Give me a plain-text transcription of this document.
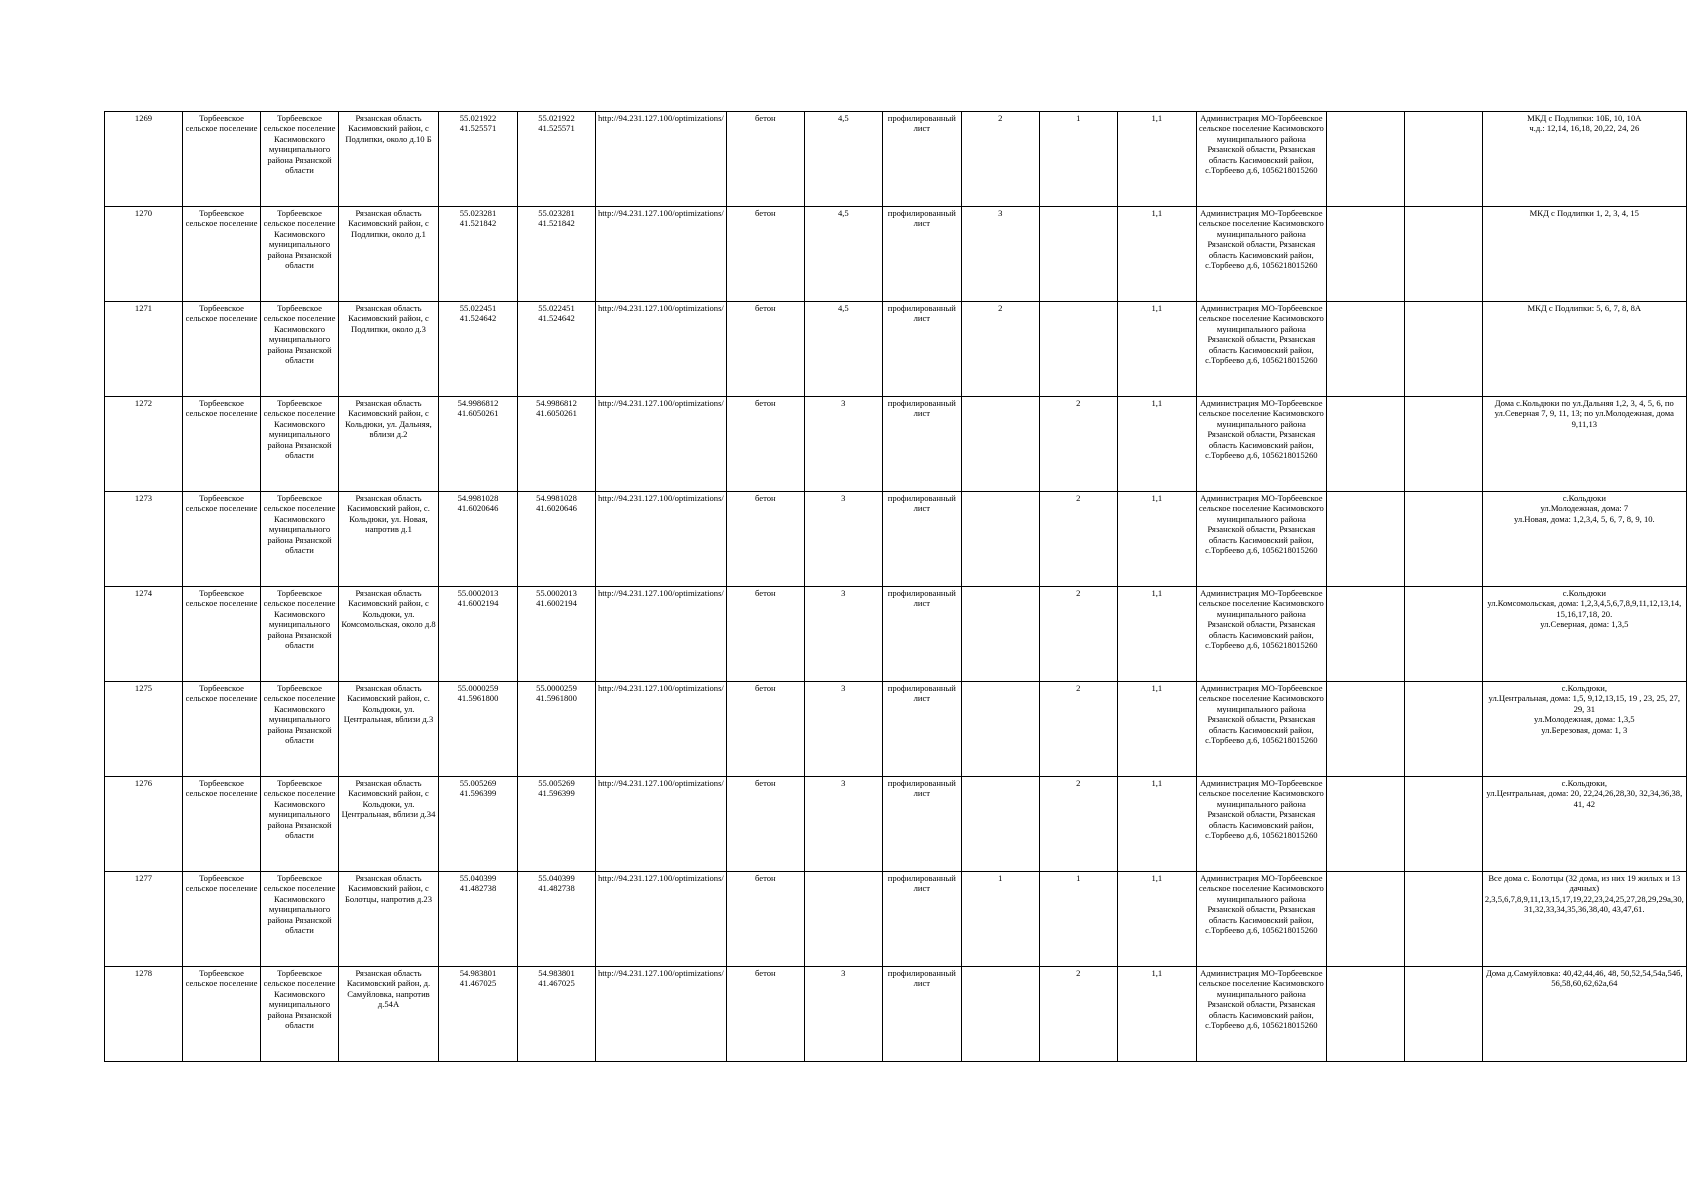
1269	Торбеевское сельское поселение	Торбеевское сельское поселение Касимовского муниципального района Рязанской области	Рязанская область Касимовский район, с Подлипки, около д.10 Б	55.021922
41.525571	55.021922
41.525571	http://94.231.127.100/optimizations/	бетон	4,5	профилированный лист	2	1	1,1	Администрация МО-Торбеевское сельское поселение Касимовского муниципального района Рязанской области, Рязанская область Касимовский район, с.Торбеево д.6, 1056218015260			МКД с Подлипки: 10Б, 10, 10А
ч.д.: 12,14, 16,18, 20,22, 24, 26
1270	Торбеевское сельское поселение	Торбеевское сельское поселение Касимовского муниципального района Рязанской области	Рязанская область Касимовский район, с Подлипки, около д.1	55.023281
41.521842	55.023281
41.521842	http://94.231.127.100/optimizations/	бетон	4,5	профилированный лист	3		1,1	Администрация МО-Торбеевское сельское поселение Касимовского муниципального района Рязанской области, Рязанская область Касимовский район, с.Торбеево д.6, 1056218015260			МКД с Подлипки 1, 2, 3, 4, 15
1271	Торбеевское сельское поселение	Торбеевское сельское поселение Касимовского муниципального района Рязанской области	Рязанская область Касимовский район, с Подлипки, около д.3	55.022451
41.524642	55.022451
41.524642	http://94.231.127.100/optimizations/	бетон	4,5	профилированный лист	2		1,1	Администрация МО-Торбеевское сельское поселение Касимовского муниципального района Рязанской области, Рязанская область Касимовский район, с.Торбеево д.6, 1056218015260			МКД с Подлипки: 5, 6, 7, 8, 8А
1272	Торбеевское сельское поселение	Торбеевское сельское поселение Касимовского муниципального района Рязанской области	Рязанская область Касимовский район, с Кольдюки, ул. Дальняя, вблизи д.2	54.9986812
41.6050261	54.9986812
41.6050261	http://94.231.127.100/optimizations/	бетон	3	профилированный лист		2	1,1	Администрация МО-Торбеевское сельское поселение Касимовского муниципального района Рязанской области, Рязанская область Касимовский район, с.Торбеево д.6, 1056218015260			Дома с.Кольдюки по ул.Дальняя 1,2, 3, 4, 5, 6, по ул.Северная 7, 9, 11, 13; по ул.Молодежная, дома 9,11,13
1273	Торбеевское сельское поселение	Торбеевское сельское поселение Касимовского муниципального района Рязанской области	Рязанская область Касимовский район, с. Кольдюки, ул. Новая, напротив д.1	54.9981028
41.6020646	54.9981028
41.6020646	http://94.231.127.100/optimizations/	бетон	3	профилированный лист		2	1,1	Администрация МО-Торбеевское сельское поселение Касимовского муниципального района Рязанской области, Рязанская область Касимовский район, с.Торбеево д.6, 1056218015260			с.Кольдюки
ул.Молодежная, дома: 7
ул.Новая, дома: 1,2,3,4, 5, 6, 7, 8, 9, 10.
1274	Торбеевское сельское поселение	Торбеевское сельское поселение Касимовского муниципального района Рязанской области	Рязанская область Касимовский район, с Кольдюки, ул. Комсомольская, около д.8	55.0002013
41.6002194	55.0002013
41.6002194	http://94.231.127.100/optimizations/	бетон	3	профилированный лист		2	1,1	Администрация МО-Торбеевское сельское поселение Касимовского муниципального района Рязанской области, Рязанская область Касимовский район, с.Торбеево д.6, 1056218015260			с.Кольдюки
ул.Комсомольская, дома: 1,2,3,4,5,6,7,8,9,11,12,13,14, 15,16,17,18, 20.
ул.Северная, дома: 1,3,5
1275	Торбеевское сельское поселение	Торбеевское сельское поселение Касимовского муниципального района Рязанской области	Рязанская область Касимовский район, с. Кольдюки, ул. Центральная, вблизи д.3	55.0000259
41.5961800	55.0000259
41.5961800	http://94.231.127.100/optimizations/	бетон	3	профилированный лист		2	1,1	Администрация МО-Торбеевское сельское поселение Касимовского муниципального района Рязанской области, Рязанская область Касимовский район, с.Торбеево д.6, 1056218015260			с.Кольдюки,
ул.Центральная, дома: 1,5, 9,12,13,15, 19 , 23, 25, 27, 29, 31
ул.Молодежная, дома: 1,3,5
ул.Березовая, дома: 1, 3
1276	Торбеевское сельское поселение	Торбеевское сельское поселение Касимовского муниципального района Рязанской области	Рязанская область Касимовский район, с Кольдюки, ул. Центральная, вблизи д.34	55.005269
41.596399	55.005269
41.596399	http://94.231.127.100/optimizations/	бетон	3	профилированный лист		2	1,1	Администрация МО-Торбеевское сельское поселение Касимовского муниципального района Рязанской области, Рязанская область Касимовский район, с.Торбеево д.6, 1056218015260			с.Кольдюки,
ул.Центральная, дома: 20, 22,24,26,28,30, 32,34,36,38, 41, 42
1277	Торбеевское сельское поселение	Торбеевское сельское поселение Касимовского муниципального района Рязанской области	Рязанская область Касимовский район, с Болотцы, напротив д.23	55.040399
41.482738	55.040399
41.482738	http://94.231.127.100/optimizations/	бетон		профилированный лист	1	1	1,1	Администрация МО-Торбеевское сельское поселение Касимовского муниципального района Рязанской области, Рязанская область Касимовский район, с.Торбеево д.6, 1056218015260			Все дома с. Болотцы (32 дома, из них 19 жилых и 13 дачных) 2,3,5,6,7,8,9,11,13,15,17,19,22,23,24,25,27,28,29,29а,30, 31,32,33,34,35,36,38,40, 43,47,61.
1278	Торбеевское сельское поселение	Торбеевское сельское поселение Касимовского муниципального района Рязанской области	Рязанская область Касимовский район, д. Самуйловка, напротив д.54А	54.983801
41.467025	54.983801
41.467025	http://94.231.127.100/optimizations/	бетон	3	профилированный лист		2	1,1	Администрация МО-Торбеевское сельское поселение Касимовского муниципального района Рязанской области, Рязанская область Касимовский район, с.Торбеево д.6, 1056218015260			Дома д.Самуйловка: 40,42,44,46, 48, 50,52,54,54а,54б, 56,58,60,62,62а,64
